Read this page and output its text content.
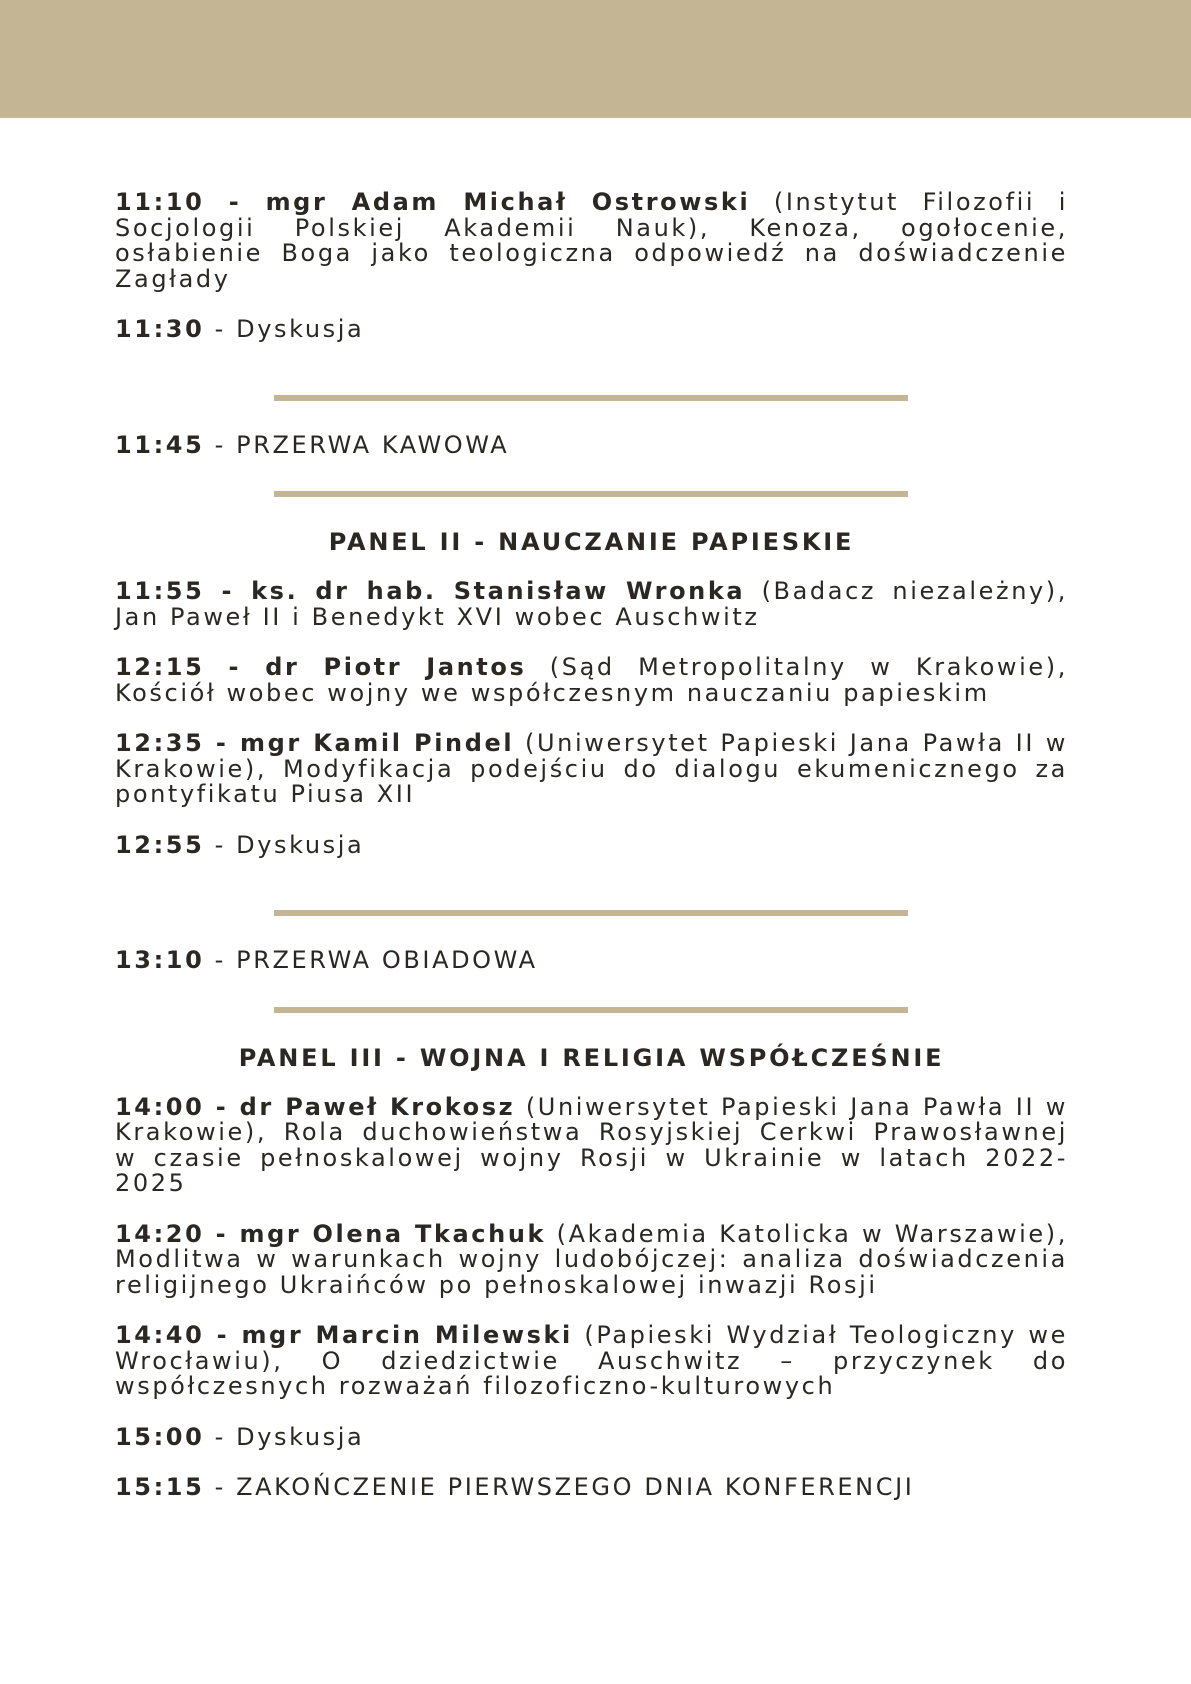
11:10 - mgr Adam Michał Ostrowski (Instytut Filozofii i Socjologii Polskiej Akademii Nauk), Kenoza, ogołocenie, osłabienie Boga jako teologiczna odpowiedź na doświadczenie Zagłady

11:30 - Dyskusja

11:45 - PRZERWA KAWOWA

PANEL II - NAUCZANIE PAPIESKIE

11:55 - ks. dr hab. Stanisław Wronka (Badacz niezależny), Jan Paweł II i Benedykt XVI wobec Auschwitz

12:15 - dr Piotr Jantos (Sąd Metropolitalny w Krakowie), Kościół wobec wojny we współczesnym nauczaniu papieskim

12:35 - mgr Kamil Pindel (Uniwersytet Papieski Jana Pawła II w Krakowie), Modyfikacja podejściu do dialogu ekumenicznego za pontyfikatu Piusa XII

12:55 - Dyskusja

13:10 - PRZERWA OBIADOWA

PANEL III - WOJNA I RELIGIA WSPÓŁCZEŚNIE

14:00 - dr Paweł Krokosz (Uniwersytet Papieski Jana Pawła II w Krakowie), Rola duchowieństwa Rosyjskiej Cerkwi Prawosławnej w czasie pełnoskalowej wojny Rosji w Ukrainie w latach 2022-2025

14:20 - mgr Olena Tkachuk (Akademia Katolicka w Warszawie), Modlitwa w warunkach wojny ludobójczej: analiza doświadczenia religijnego Ukraińców po pełnoskalowej inwazji Rosji

14:40 - mgr Marcin Milewski (Papieski Wydział Teologiczny we Wrocławiu), O dziedzictwie Auschwitz – przyczynek do współczesnych rozważań filozoficzno-kulturowych

15:00 - Dyskusja

15:15 - ZAKOŃCZENIE PIERWSZEGO DNIA KONFERENCJI
